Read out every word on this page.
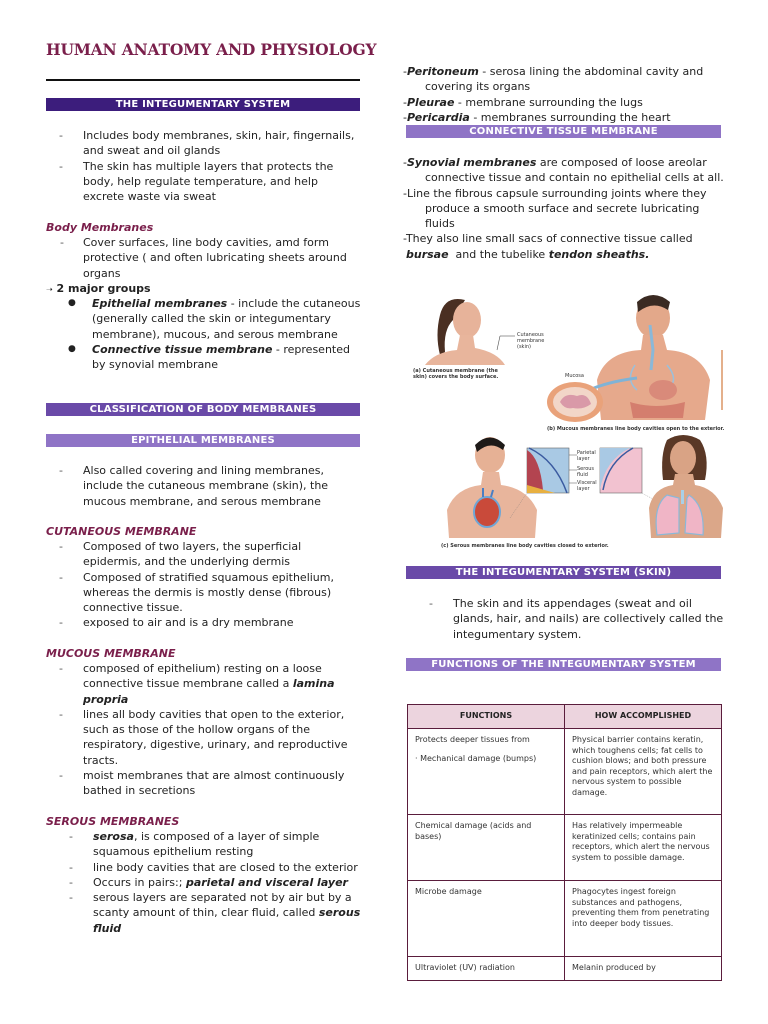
HUMAN ANATOMY AND PHYSIOLOGY
THE INTEGUMENTARY SYSTEM
- Includes body membranes, skin, hair, fingernails, and sweat and oil glands
- The skin has multiple layers that protects the body, help regulate temperature, and help excrete waste via sweat
Body Membranes
- Cover surfaces, line body cavities, amd form protective ( and often lubricating sheets around organs
➝ 2 major groups
● Epithelial membranes - include the cutaneous (generally called the skin or integumentary membrane), mucous, and serous membrane
● Connective tissue membrane - represented by synovial membrane
CLASSIFICATION OF BODY MEMBRANES
EPITHELIAL MEMBRANES
- Also called covering and lining membranes, include the cutaneous membrane (skin), the mucous membrane, and serous membrane
CUTANEOUS MEMBRANE
- Composed of two layers, the superficial epidermis, and the underlying dermis
- Composed of stratified squamous epithelium, whereas the dermis is mostly dense (fibrous) connective tissue.
- exposed to air and is a dry membrane
MUCOUS MEMBRANE
- composed of epithelium) resting on a loose connective tissue membrane called a lamina propria
- lines all body cavities that open to the exterior, such as those of the hollow organs of the respiratory, digestive, urinary, and reproductive tracts.
- moist membranes that are almost continuously bathed in secretions
SEROUS MEMBRANES
- serosa, is composed of a layer of simple squamous epithelium resting
- line body cavities that are closed to the exterior
- Occurs in pairs:; parietal and visceral layer
- serous layers are separated not by air but by a scanty amount of thin, clear fluid, called serous fluid
-Peritoneum - serosa lining the abdominal cavity and covering its organs
-Pleurae - membrane surrounding the lugs
-Pericardia - membranes surrounding the heart
CONNECTIVE TISSUE MEMBRANE
-Synovial membranes are composed of loose areolar connective tissue and contain no epithelial cells at all.
-Line the fibrous capsule surrounding joints where they produce a smooth surface and secrete lubricating fluids
-They also line small sacs of connective tissue called
bursae  and the tubelike tendon sheaths.
Cutaneous membrane (skin)
(a) Cutaneous membrane (the skin) covers the body surface.	Mucosa
(b) Mucous membranes line body cavities open to the exterior.
Parietal layer
Serous fluid
Visceral layer
(c) Serous membranes line body cavities closed to exterior.
THE INTEGUMENTARY SYSTEM (SKIN)
- The skin and its appendages (sweat and oil glands, hair, and nails) are collectively called the integumentary system.
FUNCTIONS OF THE INTEGUMENTARY SYSTEM
FUNCTIONS	HOW ACCOMPLISHED

Protects deeper tissues from
· Mechanical damage (bumps)	Physical barrier contains keratin, which toughens cells; fat cells to cushion blows; and both pressure and pain receptors, which alert the nervous system to possible damage.
Chemical damage (acids and bases)	Has relatively impermeable keratinized cells; contains pain receptors, which alert the nervous system to possible damage.
Microbe damage	Phagocytes ingest foreign substances and pathogens, preventing them from penetrating into deeper body tissues.
Ultraviolet (UV) radiation	Melanin produced by
